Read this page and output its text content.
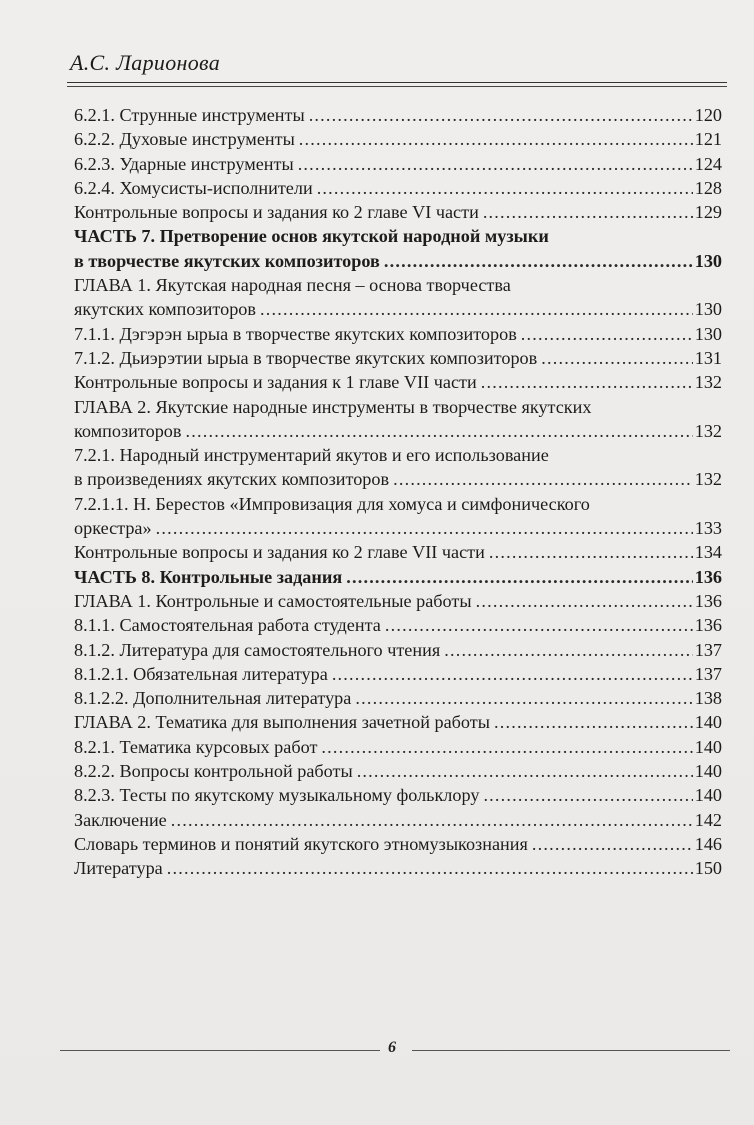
А.С. Ларионова
6.2.1. Струнные инструменты .....	120
6.2.2. Духовые инструменты .....	121
6.2.3. Ударные инструменты .....	124
6.2.4. Хомусисты-исполнители .....	128
Контрольные вопросы и задания ко 2 главе VI части .....	129
ЧАСТЬ 7. Претворение основ якутской народной музыки
в творчестве якутских композиторов .....	130
ГЛАВА 1. Якутская народная песня – основа творчества
якутских композиторов .....	130
7.1.1. Дэгэрэн ырыа в творчестве якутских композиторов .....	130
7.1.2. Дьиэрэтии ырыа в творчестве якутских композиторов .....	131
Контрольные вопросы и задания к 1 главе VII части .....	132
ГЛАВА 2. Якутские народные инструменты в творчестве якутских
композиторов .....	132
7.2.1. Народный инструментарий якутов и его использование
в произведениях якутских композиторов .....	132
7.2.1.1. Н. Берестов «Импровизация для хомуса и симфонического
оркестра» .....	133
Контрольные вопросы и задания ко 2 главе VII части .....	134
ЧАСТЬ 8. Контрольные задания .....	136
ГЛАВА 1. Контрольные и самостоятельные работы .....	136
8.1.1. Самостоятельная работа студента .....	136
8.1.2. Литература для самостоятельного чтения .....	137
8.1.2.1. Обязательная литература .....	137
8.1.2.2. Дополнительная литература .....	138
ГЛАВА 2. Тематика для выполнения зачетной работы .....	140
8.2.1. Тематика курсовых работ .....	140
8.2.2. Вопросы контрольной работы .....	140
8.2.3. Тесты по якутскому музыкальному фольклору .....	140
Заключение .....	142
Словарь терминов и понятий якутского этномузыкознания .....	146
Литература .....	150
6
